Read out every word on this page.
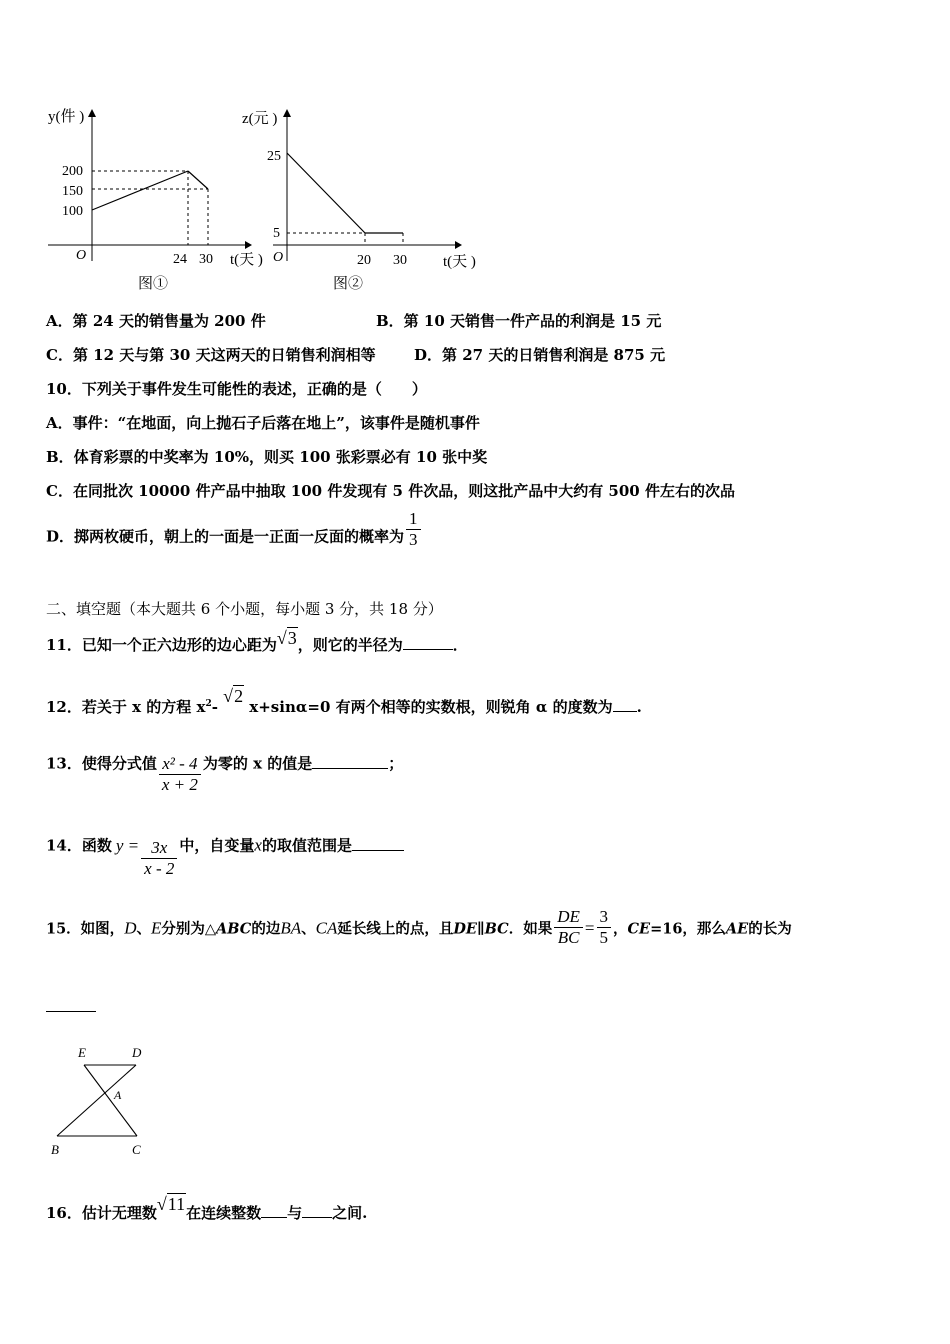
y(件 )
t(天 )
O
200
150
100
24 30
图①
z(元 )
t(天 )
O
25
5
20 30
图②
A．第 24 天的销售量为 200 件	B．第 10 天销售一件产品的利润是 15 元
C．第 12 天与第 30 天这两天的日销售利润相等	D．第 27 天的日销售利润是 875 元
10．下列关于事件发生可能性的表述，正确的是（　　）
A．事件：“在地面，向上抛石子后落在地上”，该事件是随机事件
B．体育彩票的中奖率为 10%，则买 100 张彩票必有 10 张中奖
C．在同批次 10000 件产品中抽取 100 件发现有 5 件次品，则这批产品中大约有 500 件左右的次品
D．掷两枚硬币，朝上的一面是一正面一反面的概率为 $\frac{1}{3}$
二、填空题（本大题共 6 个小题，每小题 3 分，共 18 分）
11．已知一个正六边形的边心距为√3，则它的半径为	．
12．若关于 x 的方程 $x^2-$ √2 x+sinα=0 有两个相等的实数根，则锐角 α 的度数为 .
13．使得分式值 $\frac{\text{x² - 4}}{x + 2}$ 为零的 x 的值是	；
14．函数 $y = \frac{3x}{x - 2}$ 中，自变量x的取值范围是
15．如图，D、E分别为△ABC的边BA、CA延长线上的点，且DE∥BC．如果 $\frac{DE}{BC} = \frac{3}{5}$ ，CE=16，那么AE的长为
E	D
A
B	C
16．估计无理数√11在连续整数 与 之间.
